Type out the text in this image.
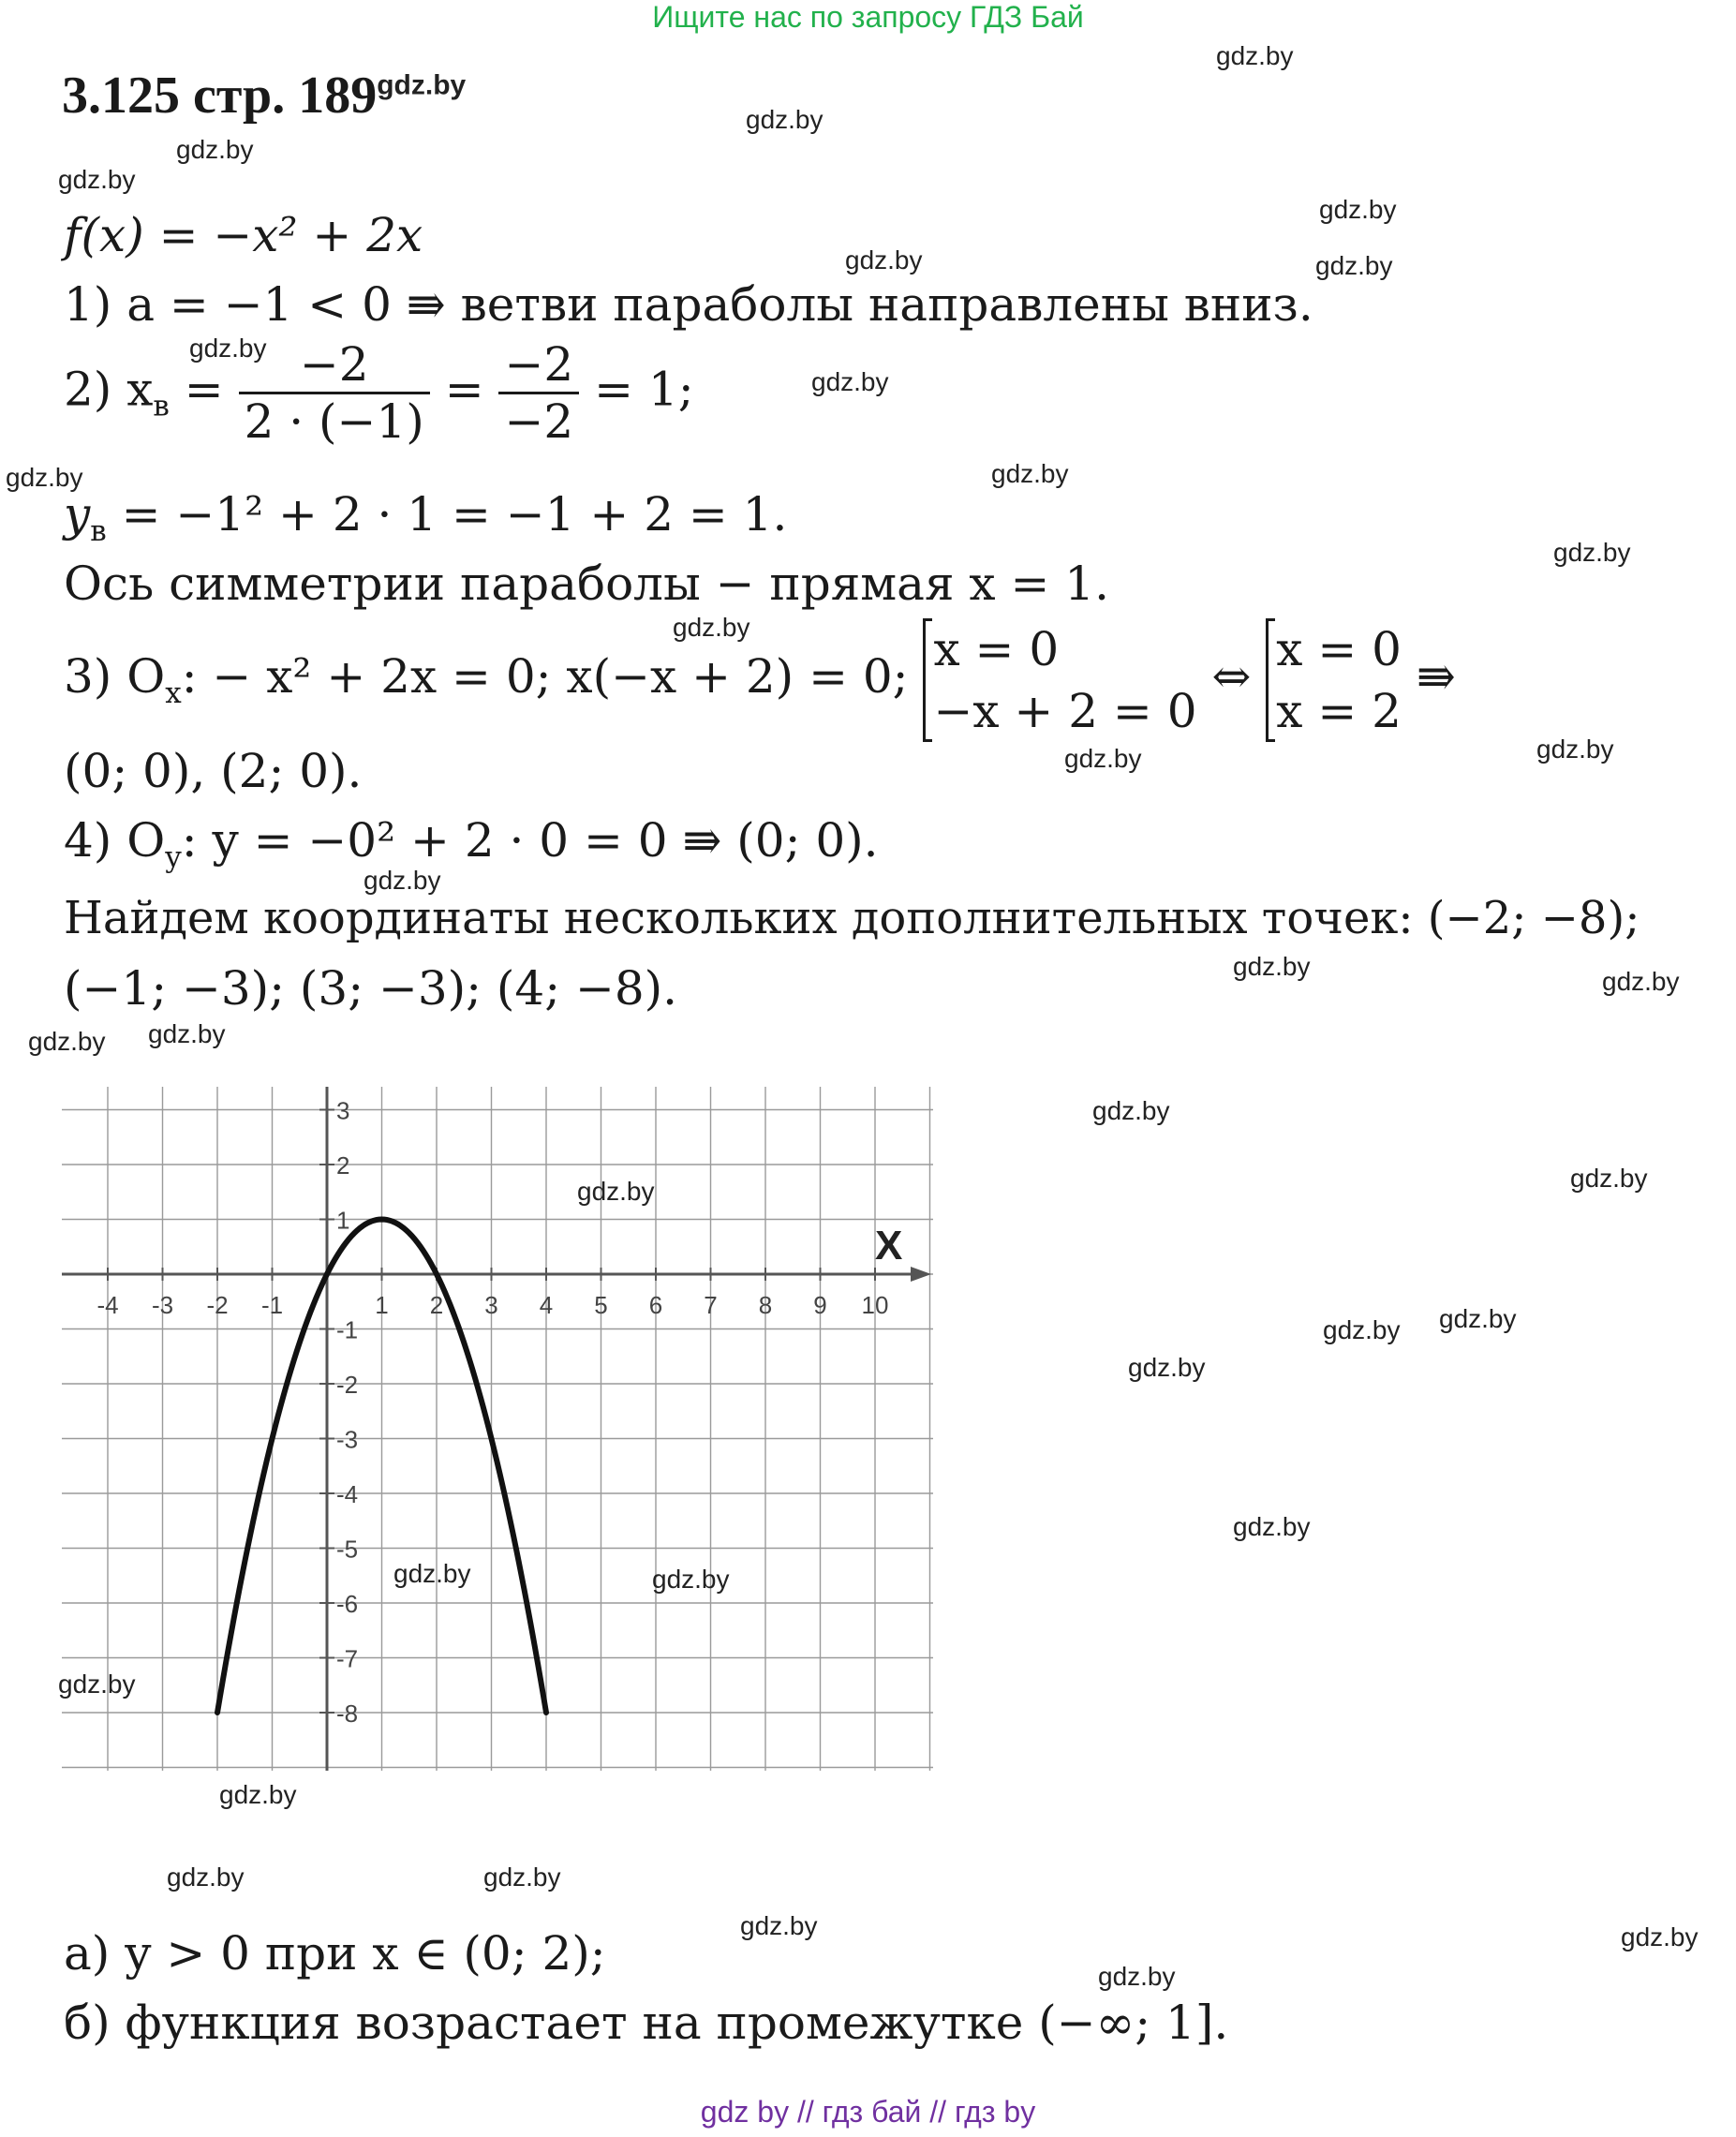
Ищите нас по запросу ГДЗ Бай
3.125 стр. $189^{gdz.by}$
f(x) = −x² + 2x
1) a = −1 < 0 ⇛ ветви параболы направлены вниз.
2) $x_в = \frac{-2}{2 \cdot (-1)} = \frac{-2}{-2} = 1$;
$y_в = -1^2 + 2 \cdot 1 = -1 + 2 = 1$.
Ось симметрии параболы − прямая x = 1.
3) $O_x$: − x² + 2x = 0; x(−x + 2) = 0; x = 0
−x + 2 = 0 ⇔ x = 0
x = 2 ⇛
(0; 0), (2; 0).
4) $O_y$: y = −0² + 2 · 0 = 0 ⇛ (0; 0).
Найдем координаты нескольких дополнительных точек: (−2; −8);
(−1; −3); (3; −3); (4; −8).
-4 -3 -2 -1	1 2 3 4 5 6 7 8 9 10
3
2
1
-1
-2
-3
-4
-5
-6
-7
-8
X
а) y > 0 при x ∈ (0; 2);
б) функция возрастает на промежутке (−∞; 1].
gdz by // гдз бай // гдз by
gdz.by
gdz.by
gdz.by
gdz.by
gdz.by
gdz.by	gdz.by
gdz.by
gdz.by
gdz.by	gdz.by
gdz.by
gdz.by
gdz.by	gdz.by
gdz.by
gdz.by
gdz.by
gdz.by gdz.by
gdz.by
gdz.by	gdz.by
gdz.by gdz.by
gdz.by
gdz.by
gdz.by	gdz.by
gdz.by
gdz.by
gdz.by	gdz.by
gdz.by	gdz.by
gdz.by
